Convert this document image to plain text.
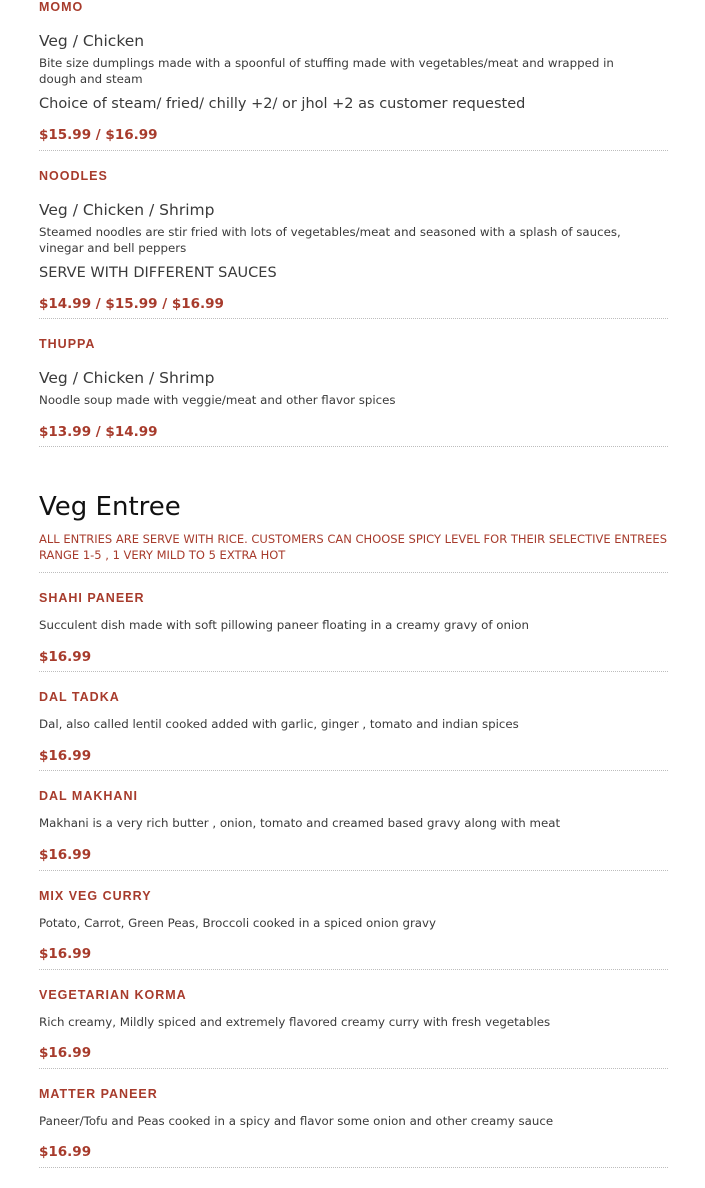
MOMO
Veg / Chicken
Bite size dumplings made with a spoonful of stuffing made with vegetables/meat and wrapped in dough and steam
Choice of steam/ fried/ chilly +2/ or jhol +2 as customer requested
$15.99 / $16.99
NOODLES
Veg / Chicken / Shrimp
Steamed noodles are stir fried with lots of vegetables/meat and seasoned with a splash of sauces, vinegar and bell peppers
SERVE WITH DIFFERENT SAUCES
$14.99 / $15.99 / $16.99
THUPPA
Veg / Chicken / Shrimp
Noodle soup made with veggie/meat and other flavor spices
$13.99 / $14.99
Veg Entree
ALL ENTRIES ARE SERVE WITH RICE. CUSTOMERS CAN CHOOSE SPICY LEVEL FOR THEIR SELECTIVE ENTREES RANGE 1-5 , 1 VERY MILD TO 5 EXTRA HOT
SHAHI PANEER
Succulent dish made with soft pillowing paneer floating in a creamy gravy of onion
$16.99
DAL TADKA
Dal, also called lentil cooked added with garlic, ginger , tomato and indian spices
$16.99
DAL MAKHANI
Makhani is a very rich butter , onion, tomato and creamed based gravy along with meat
$16.99
MIX VEG CURRY
Potato, Carrot, Green Peas, Broccoli cooked in a spiced onion gravy
$16.99
VEGETARIAN KORMA
Rich creamy, Mildly spiced and extremely flavored creamy curry with fresh vegetables
$16.99
MATTER PANEER
Paneer/Tofu and Peas cooked in a spicy and flavor some onion and other creamy sauce
$16.99
